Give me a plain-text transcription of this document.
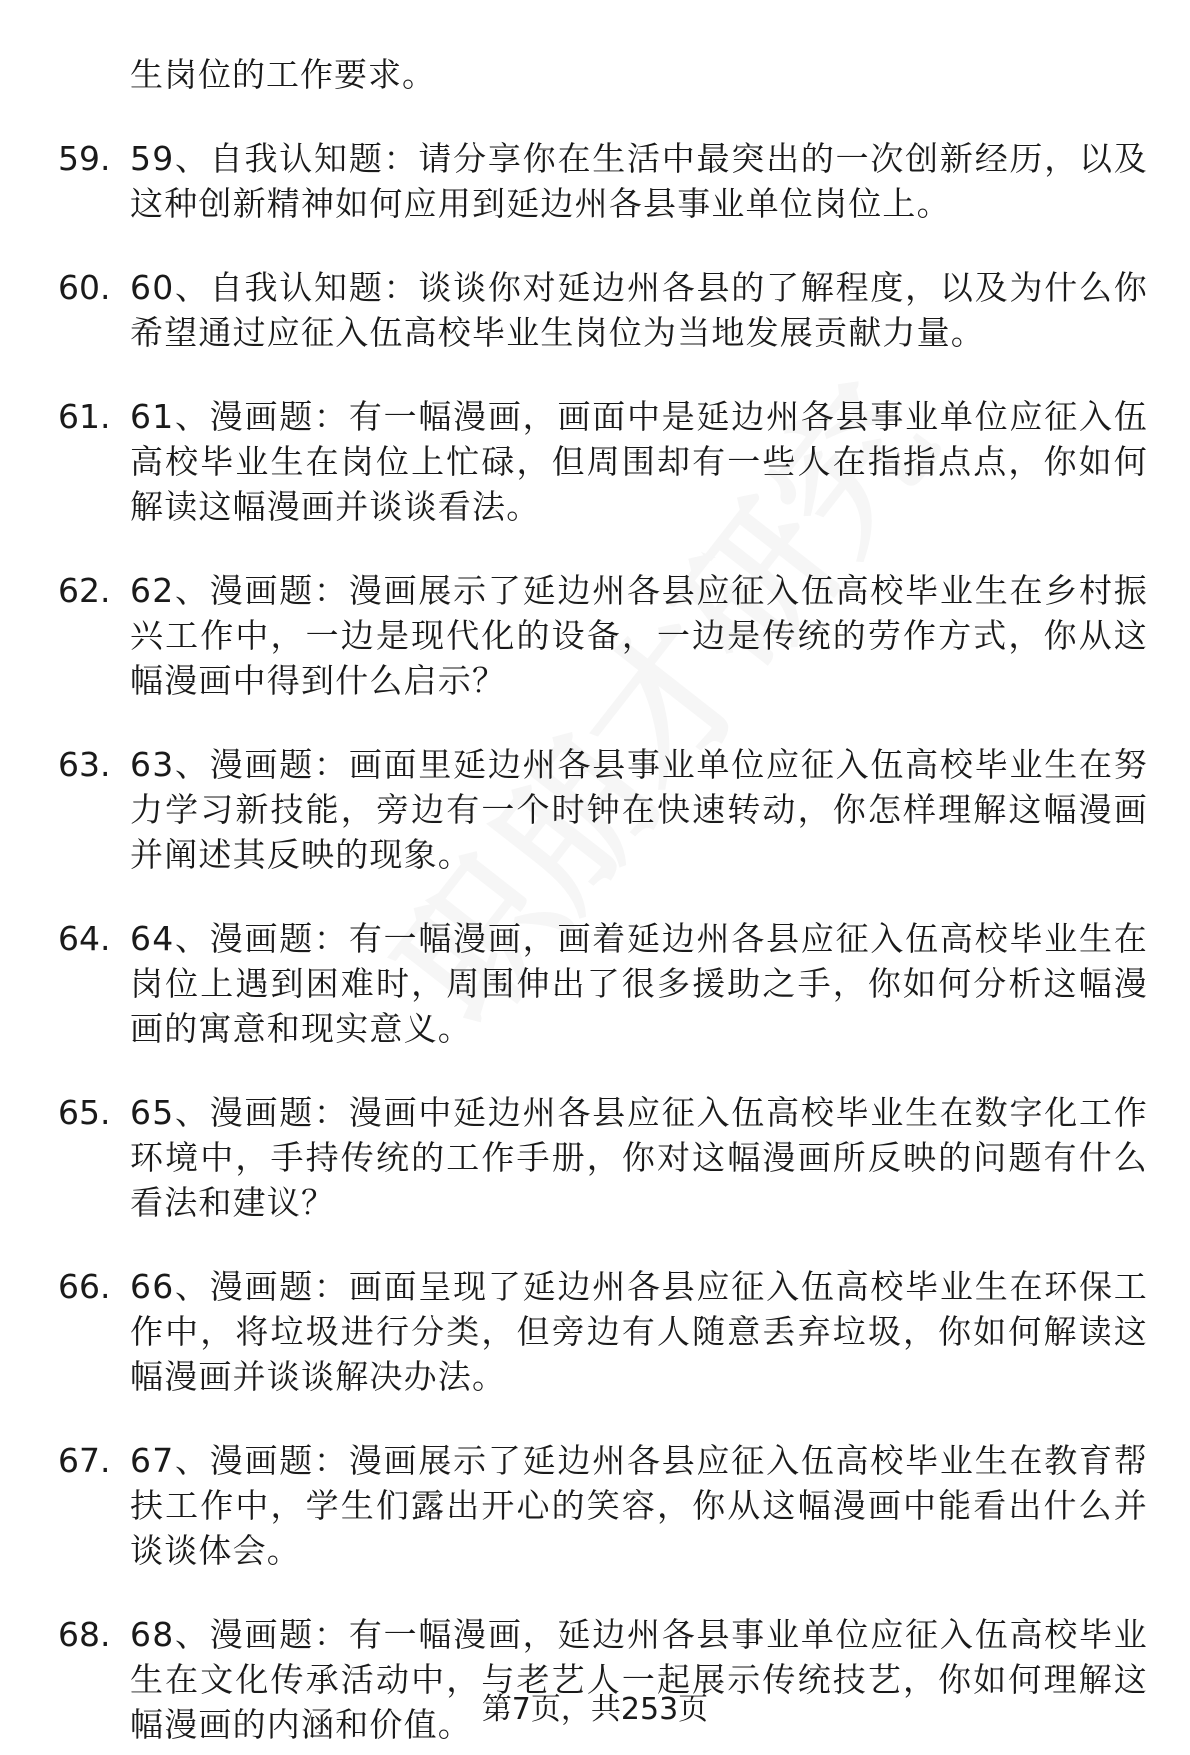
生岗位的工作要求。
59. 59、自我认知题：请分享你在生活中最突出的一次创新经历，以及这种创新精神如何应用到延边州各县事业单位岗位上。
60. 60、自我认知题：谈谈你对延边州各县的了解程度，以及为什么你希望通过应征入伍高校毕业生岗位为当地发展贡献力量。
61. 61、漫画题：有一幅漫画，画面中是延边州各县事业单位应征入伍高校毕业生在岗位上忙碌，但周围却有一些人在指指点点，你如何解读这幅漫画并谈谈看法。
62. 62、漫画题：漫画展示了延边州各县应征入伍高校毕业生在乡村振兴工作中，一边是现代化的设备，一边是传统的劳作方式，你从这幅漫画中得到什么启示？
63. 63、漫画题：画面里延边州各县事业单位应征入伍高校毕业生在努力学习新技能，旁边有一个时钟在快速转动，你怎样理解这幅漫画并阐述其反映的现象。
64. 64、漫画题：有一幅漫画，画着延边州各县应征入伍高校毕业生在岗位上遇到困难时，周围伸出了很多援助之手，你如何分析这幅漫画的寓意和现实意义。
65. 65、漫画题：漫画中延边州各县应征入伍高校毕业生在数字化工作环境中，手持传统的工作手册，你对这幅漫画所反映的问题有什么看法和建议？
66. 66、漫画题：画面呈现了延边州各县应征入伍高校毕业生在环保工作中，将垃圾进行分类，但旁边有人随意丢弃垃圾，你如何解读这幅漫画并谈谈解决办法。
67. 67、漫画题：漫画展示了延边州各县应征入伍高校毕业生在教育帮扶工作中，学生们露出开心的笑容，你从这幅漫画中能看出什么并谈谈体会。
68. 68、漫画题：有一幅漫画，延边州各县事业单位应征入伍高校毕业生在文化传承活动中，与老艺人一起展示传统技艺，你如何理解这幅漫画的内涵和价值。 第7页，共253页
